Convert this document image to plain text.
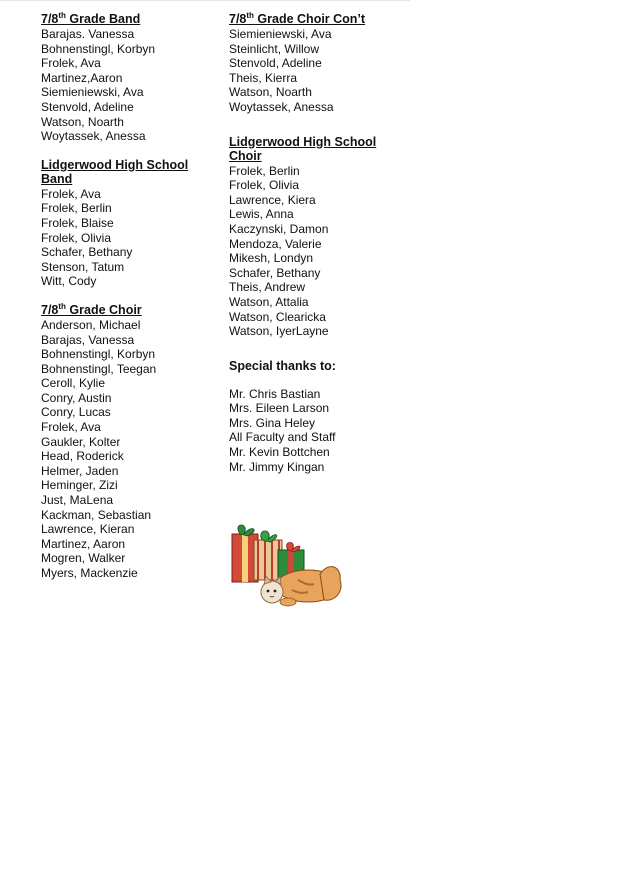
7/8th Grade Band
Barajas. Vanessa
Bohnenstingl, Korbyn
Frolek, Ava
Martinez,Aaron
Siemieniewski, Ava
Stenvold, Adeline
Watson, Noarth
Woytassek, Anessa
Lidgerwood High School Band
Frolek, Ava
Frolek, Berlin
Frolek, Blaise
Frolek, Olivia
Schafer, Bethany
Stenson, Tatum
Witt, Cody
7/8th Grade Choir
Anderson, Michael
Barajas, Vanessa
Bohnenstingl, Korbyn
Bohnenstingl, Teegan
Ceroll, Kylie
Conry, Austin
Conry, Lucas
Frolek, Ava
Gaukler, Kolter
Head, Roderick
Helmer, Jaden
Heminger, Zizi
Just, MaLena
Kackman, Sebastian
Lawrence, Kieran
Martinez, Aaron
Mogren, Walker
Myers, Mackenzie
7/8th Grade Choir Con’t
Siemieniewski, Ava
Steinlicht, Willow
Stenvold, Adeline
Theis, Kierra
Watson, Noarth
Woytassek, Anessa
Lidgerwood High School Choir
Frolek, Berlin
Frolek, Olivia
Lawrence, Kiera
Lewis, Anna
Kaczynski, Damon
Mendoza, Valerie
Mikesh, Londyn
Schafer, Bethany
Theis, Andrew
Watson, Attalia
Watson, Clearicka
Watson, IyerLayne
Special thanks to:
Mr. Chris Bastian
Mrs. Eileen Larson
Mrs. Gina Heley
All Faculty and Staff
Mr. Kevin Bottchen
Mr. Jimmy Kingan
